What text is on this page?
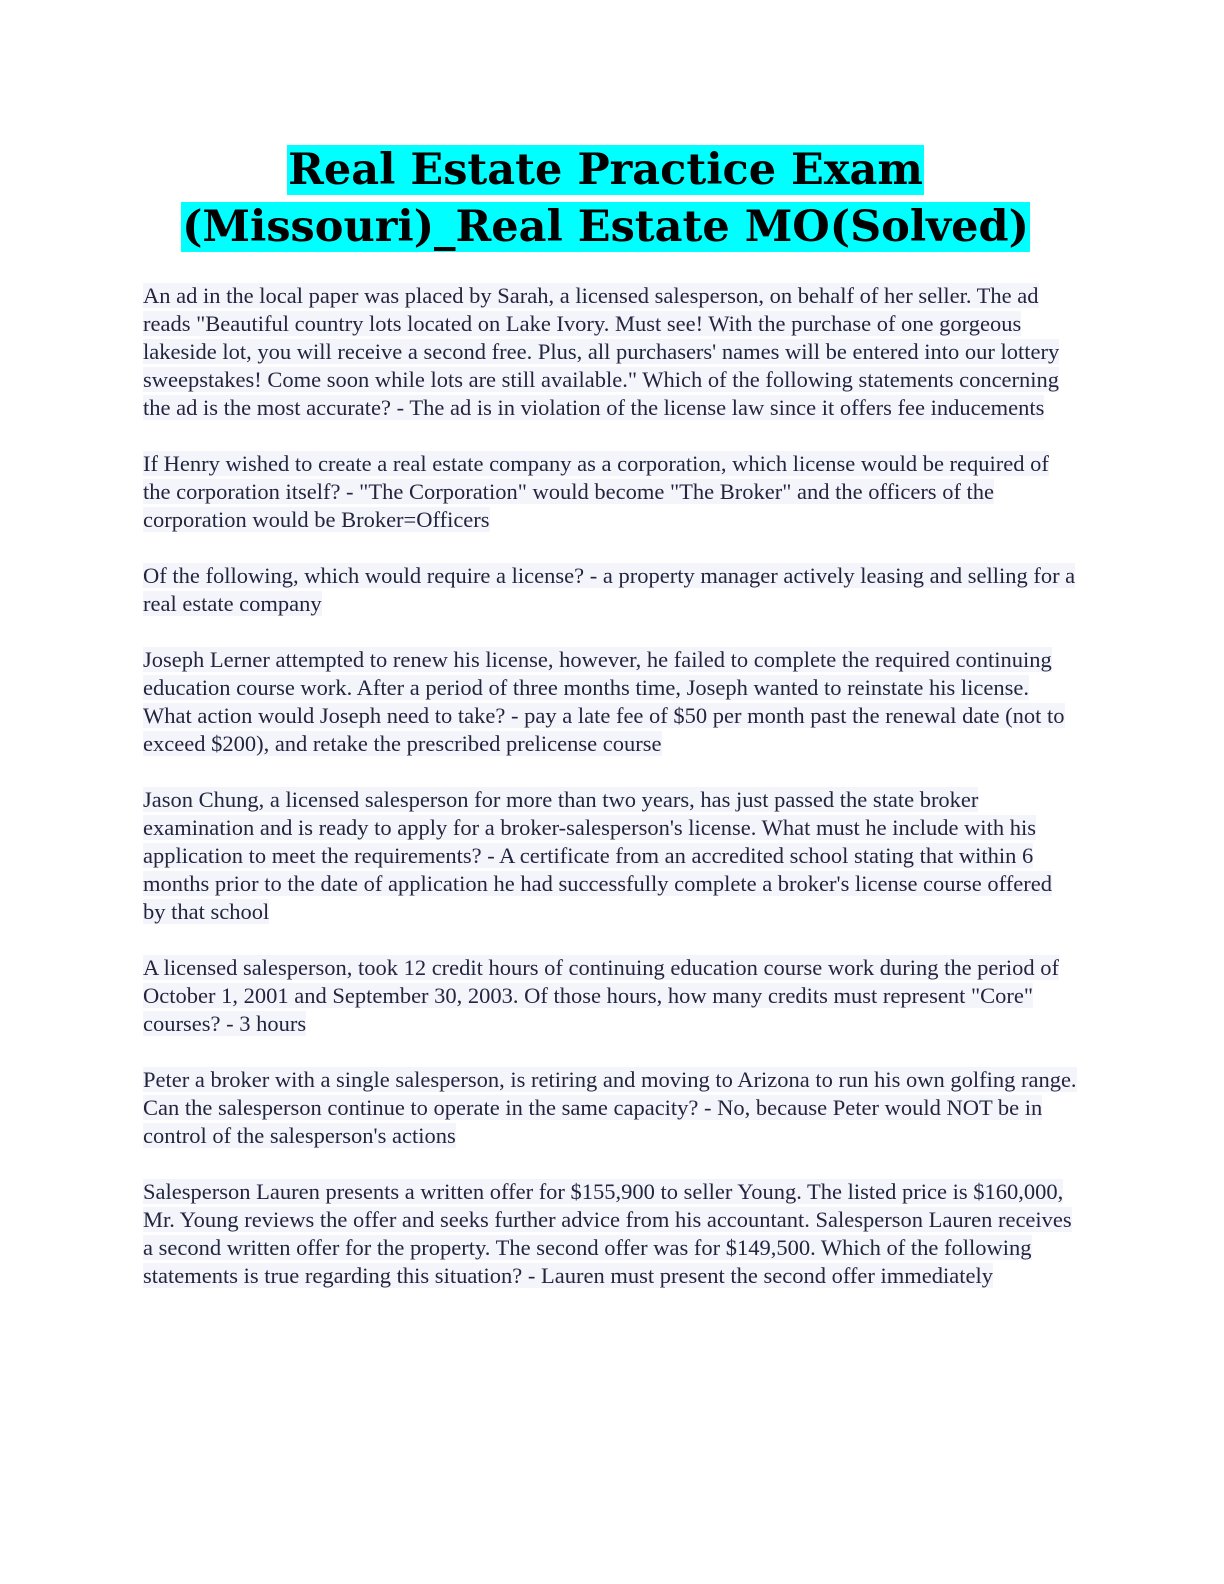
Real Estate Practice Exam (Missouri)_Real Estate MO(Solved)

An ad in the local paper was placed by Sarah, a licensed salesperson, on behalf of her seller. The ad reads "Beautiful country lots located on Lake Ivory. Must see! With the purchase of one gorgeous lakeside lot, you will receive a second free. Plus, all purchasers' names will be entered into our lottery sweepstakes! Come soon while lots are still available." Which of the following statements concerning the ad is the most accurate? - The ad is in violation of the license law since it offers fee inducements

If Henry wished to create a real estate company as a corporation, which license would be required of the corporation itself? - "The Corporation" would become "The Broker" and the officers of the corporation would be Broker=Officers

Of the following, which would require a license? - a property manager actively leasing and selling for a real estate company

Joseph Lerner attempted to renew his license, however, he failed to complete the required continuing education course work. After a period of three months time, Joseph wanted to reinstate his license. What action would Joseph need to take? - pay a late fee of $50 per month past the renewal date (not to exceed $200), and retake the prescribed prelicense course

Jason Chung, a licensed salesperson for more than two years, has just passed the state broker examination and is ready to apply for a broker-salesperson's license. What must he include with his application to meet the requirements? - A certificate from an accredited school stating that within 6 months prior to the date of application he had successfully complete a broker's license course offered by that school

A licensed salesperson, took 12 credit hours of continuing education course work during the period of October 1, 2001 and September 30, 2003. Of those hours, how many credits must represent "Core" courses? - 3 hours

Peter a broker with a single salesperson, is retiring and moving to Arizona to run his own golfing range. Can the salesperson continue to operate in the same capacity? - No, because Peter would NOT be in control of the salesperson's actions

Salesperson Lauren presents a written offer for $155,900 to seller Young. The listed price is $160,000, Mr. Young reviews the offer and seeks further advice from his accountant. Salesperson Lauren receives a second written offer for the property. The second offer was for $149,500. Which of the following statements is true regarding this situation? - Lauren must present the second offer immediately
